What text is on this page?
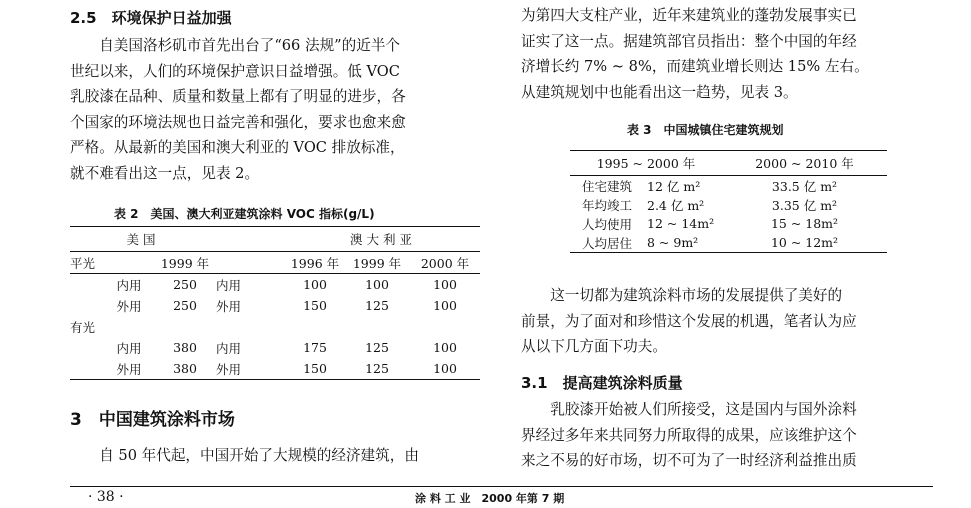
2.5　环境保护日益加强

　　自美国洛杉矶市首先出台了“66 法规”的近半个

世纪以来，人们的环境保护意识日益增强。低 VOC

乳胶漆在品种、质量和数量上都有了明显的进步，各

个国家的环境法规也日益完善和强化，要求也愈来愈

严格。从最新的美国和澳大利亚的 VOC 排放标准，

就不难看出这一点，见表 2。

表 2　美国、澳大利亚建筑涂料 VOC 指标(g/L)
美国				澳大利亚		
平光		1999 年		1996 年	1999 年	2000 年
	内用	250	内用	100	100	100
	外用	250	外用	150	125	100
有光						
	内用	380	内用	175	125	100
	外用	380	外用	150	125	100
3　中国建筑涂料市场

　　自 50 年代起，中国开始了大规模的经济建筑，由

为第四大支柱产业，近年来建筑业的蓬勃发展事实已

证实了这一点。据建筑部官员指出：整个中国的年经

济增长约 7% ~ 8%，而建筑业增长则达 15% 左右。

从建筑规划中也能看出这一趋势，见表 3。

表 3　中国城镇住宅建筑规划
1995 ~ 2000 年		2000 ~ 2010 年
住宅建筑	12 亿 m²	33.5 亿 m²
年均竣工	2.4 亿 m²	3.35 亿 m²
人均使用	12 ~ 14m²	15 ~ 18m²
人均居住	8 ~ 9m²	10 ~ 12m²

　　这一切都为建筑涂料市场的发展提供了美好的

前景，为了面对和珍惜这个发展的机遇，笔者认为应

从以下几方面下功夫。

3.1　提高建筑涂料质量

　　乳胶漆开始被人们所接受，这是国内与国外涂料

界经过多年来共同努力所取得的成果，应该维护这个

来之不易的好市场，切不可为了一时经济利益推出质

· 38 ·	涂 料 工 业　2000 年第 7 期
